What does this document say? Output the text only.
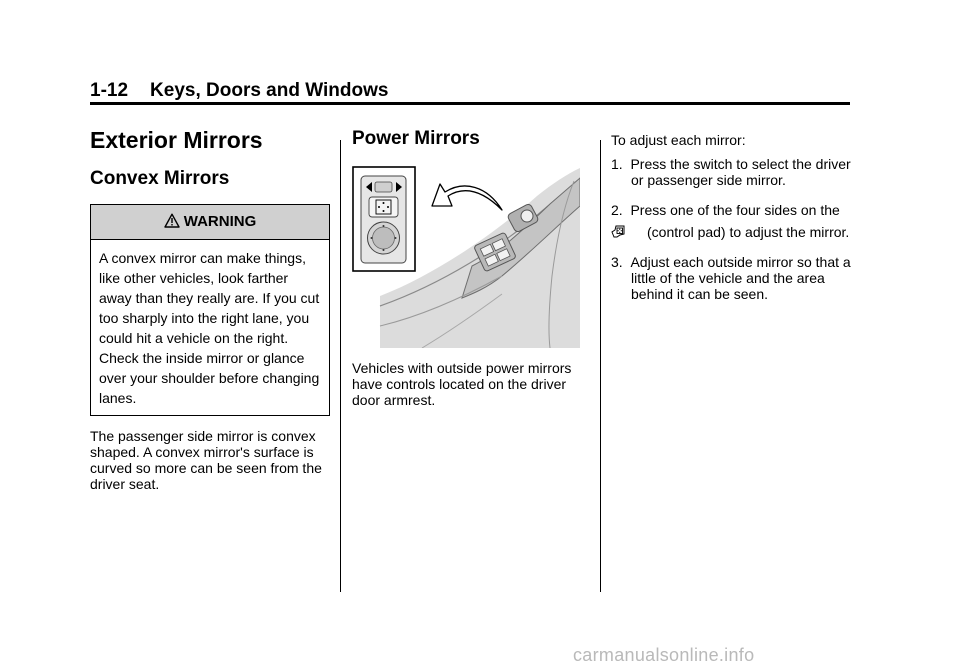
1-12 Keys, Doors and Windows
Exterior Mirrors
Convex Mirrors
WARNING
A convex mirror can make things, like other vehicles, look farther away than they really are. If you cut too sharply into the right lane, you could hit a vehicle on the right. Check the inside mirror or glance over your shoulder before changing lanes.

The passenger side mirror is convex shaped. A convex mirror's surface is curved so more can be seen from the driver seat.

Power Mirrors

Vehicles with outside power mirrors have controls located on the driver door armrest.

To adjust each mirror:

1. Press the switch to select the driver or passenger side mirror.
2. Press one of the four sides on the (control pad) to adjust the mirror.
3. Adjust each outside mirror so that a little of the vehicle and the area behind it can be seen.
carmanualsonline.info
